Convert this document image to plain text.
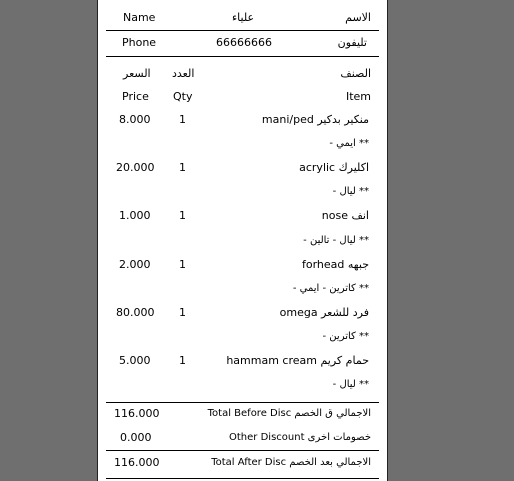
Name	علياء	الاسم
Phone	66666666	تليفون
السعر العدد	الصنف
Price Qty	Item
8.000	1	منكير بدكير mani/ped
** ايمي -
20.000 1	اكليرك acrylic
** ليال -
1.000	1	انف nose
** ليال - تالين -
2.000	1	جبهه forhead
** كاترين - ايمي -
80.000 1	فرد للشعر omega
** كاترين -
5.000	1	حمام كريم hammam cream
** ليال -
116.000	الاجمالي ق الخصم Total Before Disc
0.000	خصومات اخرى Other Discount
116.000	الاجمالي بعد الخصم Total After Disc
